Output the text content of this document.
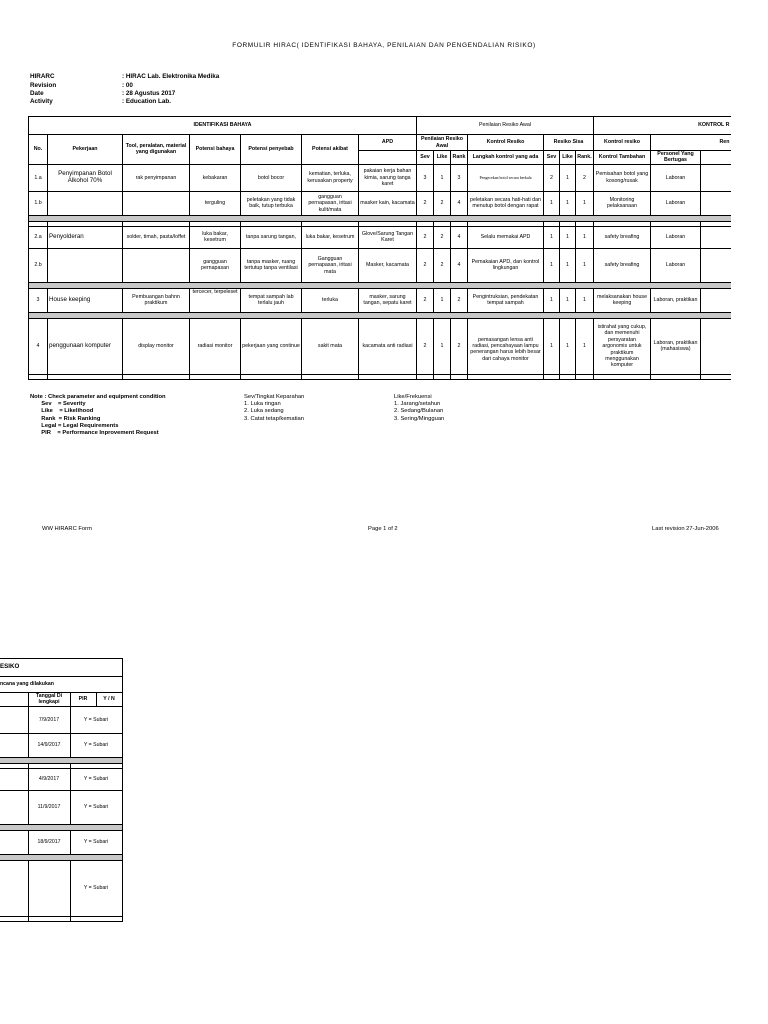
FORMULIR HIRAC( IDENTIFIKASI BAHAYA, PENILAIAN DAN PENGENDALIAN RISIKO)
HIRARC	: HIRAC Lab. Elektronika Medika
Revision	: 00
Date	: 28 Agustus 2017
Activity	: Education Lab.
IDENTIFIKASI BAHAYA							Penilaian Resiko Awal							KONTROL R		
No.	Pekerjaan	Tool, peralatan, material yang digunakan	Potensi bahaya	Potensi penyebab	Potensi akibat	APD	Penilaian Resiko Awal			Kontrol Resiko	Resiko Sisa			Kontrol resiko	Ren	
							Sev	Like	Rank	Langkah kontrol yang ada	Sev	Like	Rank.	Kontrol Tambahan	Personel Yang Bertugas	
1.a	Penyimpanan Botol Alkohol 70%	rak penyimpanan	kebakaran	botol bocor	kematian, terluka, kerusakan property	pakaian kerja bahan kimia, sarung tanga karet	3	1	3	Pengecekan botol secara berkala	2	1	2	Pemisahan botol yang kosong/rusak	Laboran	
1.b			terguling	peletakan yang tidak baik, tutup terbuka	gangguan pernapasan, iritasi kulit/mata	masker kain, kacamata	2	2	4	peletakan secara hati-hati dan menutup botol dengan rapat	1	1	1	Monitoring pelaksanaan	Laboran	

2.a	Penyolderan	solder, timah, pasta/loffet	luka bakar, kesetrum	tanpa sarung tangan,	luka bakar, kesetrum	Glove/Sarung Tangan Karet	2	2	4	Selalu memakai APD	1	1	1	safety breafing	Laboran	
2.b			gangguan pernapasan	tanpa masker, ruang tertutup tanpa ventilasi	Gangguan pernapasan, iritasi mata	Masker, kacamata	2	2	4	Pemakaian APD, dan kontrol lingkungan	1	1	1	safety breafing	Laboran	

3	House keeping	Pembuangan bahnn praktikum	tercecer, terpeleset	tempat sampah lab terlalu jauh	terluka	masker, sarung tangan, sepatu karet	2	1	2	Pengintruksian, pendekatan tempat sampah	1	1	1	melaksanakan house keeping	Laboran, praktikan	

4	penggunaan komputer	display monitor	radiasi monitor	pekerjaan yang continue	sakit mata	kacamata anti radiasi	2	1	2	pemasangan lensa anti radiasi, pencahayaan lampu penerangan harus lebih besar dari cahaya monitor	1	1	1	istirahat yang cukup, dan memenuhi persyaratan argonomis untuk praktikum menggunakan komputer	Laboran, praktikan (mahasiswa)	

Note : Check parameter and equipment condition
Sev    = Severity
Like    = Likelihood
Rank  = Risk Ranking
Legal = Legal Requirements
PIR    = Performance Inprovement Request
Sev/Tingkat Keparahan
1. Luka ringan
2. Luka sedang
3. Catat tetap/kematian
Like/Frekuensi
1. Jarang/setahun
2. Sedang/Bulanan
3. Sering/Mingguan
WW HIRARC Form	Page 1 of 2	Last revision 27-Jun-2006
ESIKO			
ncana yang dilakukan			
	Tanggal Di lengkapi	PIR	Y / N
	7/9/2017	Y = Subari	
	14/9/2017	Y = Subari	

	4/9/2017	Y = Subari	
	11/9/2017	Y = Subari	

	18/9/2017	Y = Subari	

		Y = Subari	
